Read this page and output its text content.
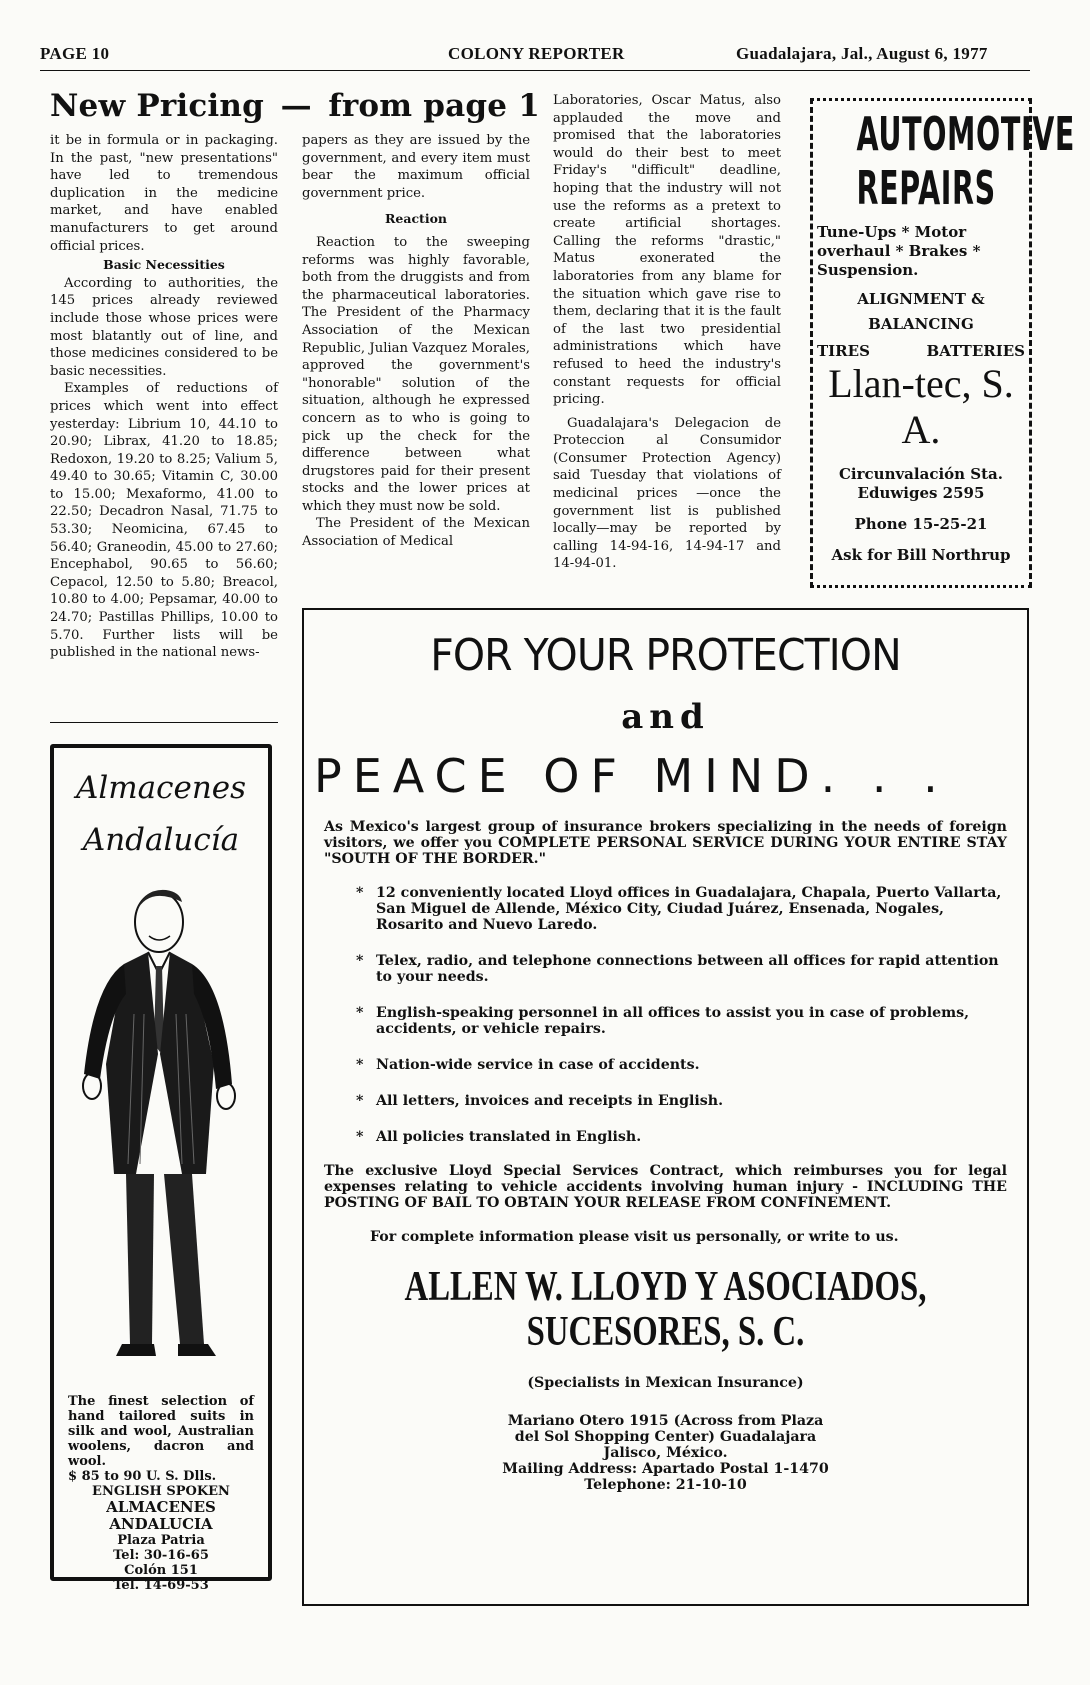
PAGE 10	COLONY REPORTER	Guadalajara, Jal., August 6, 1977
New Pricing — from page 1

it be in formula or in packaging. In the past, "new presentations" have led to tremendous duplication in the medicine market, and have enabled manufacturers to get around official prices.

Basic Necessities

According to authorities, the 145 prices already reviewed include those whose prices were most blatantly out of line, and those medicines considered to be basic necessities.

Examples of reductions of prices which went into effect yesterday: Librium 10, 44.10 to 20.90; Librax, 41.20 to 18.85; Redoxon, 19.20 to 8.25; Valium 5, 49.40 to 30.65; Vitamin C, 30.00 to 15.00; Mexaformo, 41.00 to 22.50; Decadron Nasal, 71.75 to 53.30; Neomicina, 67.45 to 56.40; Graneodin, 45.00 to 27.60; Encephabol, 90.65 to 56.60; Cepacol, 12.50 to 5.80; Breacol, 10.80 to 4.00; Pepsamar, 40.00 to 24.70; Pastillas Phillips, 10.00 to 5.70. Further lists will be published in the national news-

papers as they are issued by the government, and every item must bear the maximum official government price.

Reaction

Reaction to the sweeping reforms was highly favorable, both from the druggists and from the pharmaceutical laboratories. The President of the Pharmacy Association of the Mexican Republic, Julian Vazquez Morales, approved the government's "honorable" solution of the situation, although he expressed concern as to who is going to pick up the check for the difference between what drugstores paid for their present stocks and the lower prices at which they must now be sold.

The President of the Mexican Association of Medical

Laboratories, Oscar Matus, also applauded the move and promised that the laboratories would do their best to meet Friday's "difficult" deadline, hoping that the industry will not use the reforms as a pretext to create artificial shortages. Calling the reforms "drastic," Matus exonerated the laboratories from any blame for the situation which gave rise to them, declaring that it is the fault of the last two presidential administrations which have refused to heed the industry's constant requests for official pricing.

Guadalajara's Delegacion de Proteccion al Consumidor (Consumer Protection Agency) said Tuesday that violations of medicinal prices —once the government list is published locally—may be reported by calling 14-94-16, 14-94-17 and 14-94-01.

AUTOMOTIVE
REPAIRS
Tune-Ups * Motor overhaul * Brakes * Suspension.
ALIGNMENT &
BALANCING
TIRES	BATTERIES
Llan-tec, S. A.
Circunvalación Sta.
Eduwiges 2595
Phone 15-25-21
Ask for Bill Northrup
Almacenes
Andalucía
The finest selection of hand tailored suits in silk and wool, Australian woolens, dacron and wool.
$ 85 to 90 U. S. Dlls.
ENGLISH SPOKEN
ALMACENES
ANDALUCIA
Plaza Patria
Tel: 30-16-65
Colón 151
Tel. 14-69-53
FOR YOUR PROTECTION
and
PEACE OF MIND. . .
As Mexico's largest group of insurance brokers specializing in the needs of foreign visitors, we offer you COMPLETE PERSONAL SERVICE DURING YOUR ENTIRE STAY "SOUTH OF THE BORDER."
* 12 conveniently located Lloyd offices in Guadalajara, Chapala, Puerto Vallarta, San Miguel de Allende, México City, Ciudad Juárez, Ensenada, Nogales, Rosarito and Nuevo Laredo.
* Telex, radio, and telephone connections between all offices for rapid attention to your needs.
* English-speaking personnel in all offices to assist you in case of problems, accidents, or vehicle repairs.
* Nation-wide service in case of accidents.
* All letters, invoices and receipts in English.
* All policies translated in English.
The exclusive Lloyd Special Services Contract, which reimburses you for legal expenses relating to vehicle accidents involving human injury - INCLUDING THE POSTING OF BAIL TO OBTAIN YOUR RELEASE FROM CONFINEMENT.
For complete information please visit us personally, or write to us.
ALLEN W. LLOYD Y ASOCIADOS,
SUCESORES, S. C.
(Specialists in Mexican Insurance)
Mariano Otero 1915 (Across from Plaza
del Sol Shopping Center) Guadalajara
Jalisco, México.
Mailing Address: Apartado Postal 1-1470
Telephone: 21-10-10
